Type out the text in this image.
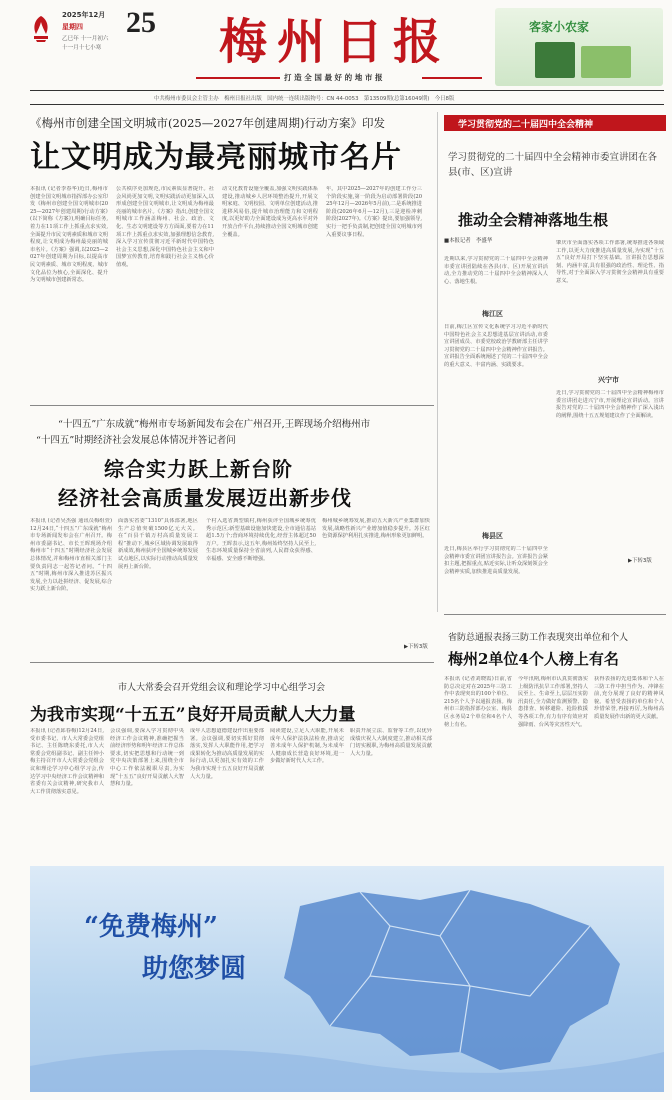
2025年12月
星期四 25
乙巳年 十一月初六
十一月十七小寒 梅州日报
打 造 全 国 最 好 的 地 市 报
客家小农家
中共梅州市委员会主管主办　梅州日报社出版　国内统一连续出版物号：CN 44-0053　第13509期(总第16049期)　今日8版
《梅州市创建全国文明城市(2025—2027年创建周期)行动方案》印发
让文明成为最亮丽城市名片
本报讯 (记者李春华)近日,梅州市创建全国文明城市指挥部办公室印发《梅州市创建全国文明城市(2025—2027年创建周期)行动方案》(以下简称《方案》),明确目标任务,着力在11项工作上抓重点求实效,全面提升市民文明素质和城市文明程度,让文明成为梅州最亮丽的城市名片。《方案》强调,以2025—2027年创建周期为目标,以提高市民文明素质、城市文明程度、城市文化品位为核心,全面深化、提升为文明城市创建新常态。
公共秩序更加规范,市民素质显著提升。社会风尚更加文明,文明实践活动更加深入,以形成创建全国文明城市,让文明成为梅州最亮丽的城市名片。《方案》指出,创建全国文明城市工作涵盖梅州、社会、政治、文化、生态文明建设等方方面面,要着力在11项工作上抓重点求实效,加强理想信念教育,深入学习宣传贯彻习近平新时代中国特色社会主义思想,深化中国特色社会主义和中国梦宣传教育,培育和践行社会主义核心价值观。
动文化教育设施全覆盖,加强文明实践体系建设,推动城乡人居环境整治提升,开展文明家庭、文明校园、文明单位创建活动,推进移风易俗,提升城市治理能力和文明程度,以更好助力全面建设成为更高水平对外开放合作平台,持续推动全国文明城市创建全覆盖。
年。其中2025—2027年的创建工作分三个阶段实施,第一阶段为启动部署阶段(2025年12月—2026年5月前),二是系统推进阶段(2026年6月—12月),三是迎检冲刺阶段(2027年)。《方案》提出,要加强领导,实行一把手负责制,把创建全国文明城市列入重要议事日程。
学习贯彻党的二十届四中全会精神
学习贯彻党的二十届四中全会精神市委宣讲团在各县(市、区)宣讲
推动全会精神落地生根
■本报记者　李盛华
近期以来,学习贯彻党的二十届四中全会精神市委宣讲团陆续在各县(市、区)开展宣讲活动,全力推动党的二十届四中全会精神深入人心、落地生根。
梅江区
日前,梅江区宣传文化系统学习习近平新时代中国特色社会主义思想进基层宣讲活动,市委宣讲团成员、市委党校政治学教研部主任讲学习贯彻党的二十届四中全会精神作宣讲报告。宣讲报告全面系统阐述了党的二十届四中全会的重大意义、丰富内涵、实践要求。
梅县区
近日,梅县区举行学习贯彻党的二十届四中全会精神市委宣讲团宣讲报告会。宣讲报告会紧扣主题,把握重点,贴近实际,让听众深刻领会全会精神实质,加快推进高质量发展。
肇庆市全面落实各项工作部署,统筹推进各领域工作,以更大力度推进高质量发展,为实现“十五五”良好开局打下坚实基础。宣讲报告思想深刻、内涵丰富,具有很强的政治性、理论性、指导性,对于全面深入学习贯彻全会精神具有重要意义。
兴宁市
近日,学习贯彻党的二十届四中全会精神梅州市委宣讲团走进兴宁市,开展理论宣讲活动。宣讲报告对党的二十届四中全会精神作了深入浅出的阐释,围绕十五五规划建议作了全面解读。
▶下转3版
“十四五”广东成就”梅州市专场新闻发布会在广州召开,王晖现场介绍梅州市
“十四五”时期经济社会发展总体情况并答记者问
综合实力跃上新台阶
经济社会高质量发展迈出新步伐
本报讯 (记者吴杰强 通讯员梅组萱)12月24日,“十四五”广东成就”梅州市专场新闻发布会在广州召开。梅州市委副书记、市长王晖现场介绍梅州市“十四五”时期经济社会发展总体情况,并和梅州市直相关部门主要负责同志一起答记者问。“十四五”时期,梅州市深入推进苏区振兴发展,全力以赴拼经济、促发展,综合实力跃上新台阶。
面落实省委“1310”具体部署,地区生产总值突破1500亿元大关。在“百县千镇万村高质量发展工程”推动下,城乡区域协调发展取得新成效,梅州获评全国城乡统筹发展试点地区,以实际行动推动高质量发展再上新台阶。
个村入选省典型镇村,梅州获评全国城乡统筹优秀示范区;新型基础设施加快建设,全市通信基站超1.5万个;营商环境持续优化,经营主体超过50万户。王晖表示,这五年,梅州始终坚持人民至上,生态环境质量保持全省前列,人民群众获得感、幸福感、安全感不断增强。
梅州城乡统筹发展,推动五大新兴产业集群加快发展,战略性新兴产业增加值稳步提升。苏区红色资源保护利用扎实推进,梅州形象更加鲜明。
▶下转3版
省防总通报表扬三防工作表现突出单位和个人
梅州2单位4个人榜上有名
本报讯 (记者刘晓霞)日前,省防总决定对在2025年三防工作中表现突出的100个单位、215名个人予以通报表扬。梅州市三防指挥部办公室、梅县区水务局2个单位和4名个人榜上有名。
今年汛期,梅州市认真贯彻落实上级防汛抗旱工作部署,坚持人民至上、生命至上,层层压实防汛责任,全力做好监测预警、隐患排查、转移避险、抢险救援等各项工作,有力有序有效应对强降雨、台风等灾害性天气。
获得表扬的先进集体和个人在三防工作中担当作为、冲锋在前,充分展现了良好的精神风貌。希望受表扬的单位和个人珍惜荣誉,再接再厉,为梅州高质量发展作出新的更大贡献。
市人大常委会召开党组会议和理论学习中心组学习会
为我市实现“十五五”良好开局贡献人大力量
本报讯 (记者邱春梅)12月24日,受市委书记、市人大常委会党组书记、主任陈晓东委托,市人大常委会党组副书记、副主任钟小梅主持召开市人大常委会党组会议和理论学习中心组学习会,传达学习中央经济工作会议精神和省委有关会议精神,研究我市人大工作贯彻落实意见。
会议强调,要深入学习贯彻中央经济工作会议精神,准确把握当前经济形势和明年经济工作总体要求,切实把思想和行动统一到党中央决策部署上来,围绕全市中心工作依法履职尽责,为实现“十五五”良好开局贡献人大智慧和力量。
成年人思想道德建设作出重要部署。会议强调,要切实抓好贯彻落实,发挥人大职能作用,把学习成果转化为推动高质量发展的实际行动,以更加扎实有效的工作为我市实现十五五良好开局贡献人大力量。
阅读建设,立足人大职能,开展未成年人保护法执法检查,推动完善未成年人保护机制,为未成年人健康成长营造良好环境,进一步做好新时代人大工作。
职责开展立法、监督等工作,以优异成绩庆祝人大制度建立,推动相关部门切实履职,为梅州高质量发展贡献人大力量。
“免费梅州”
助您梦圆
